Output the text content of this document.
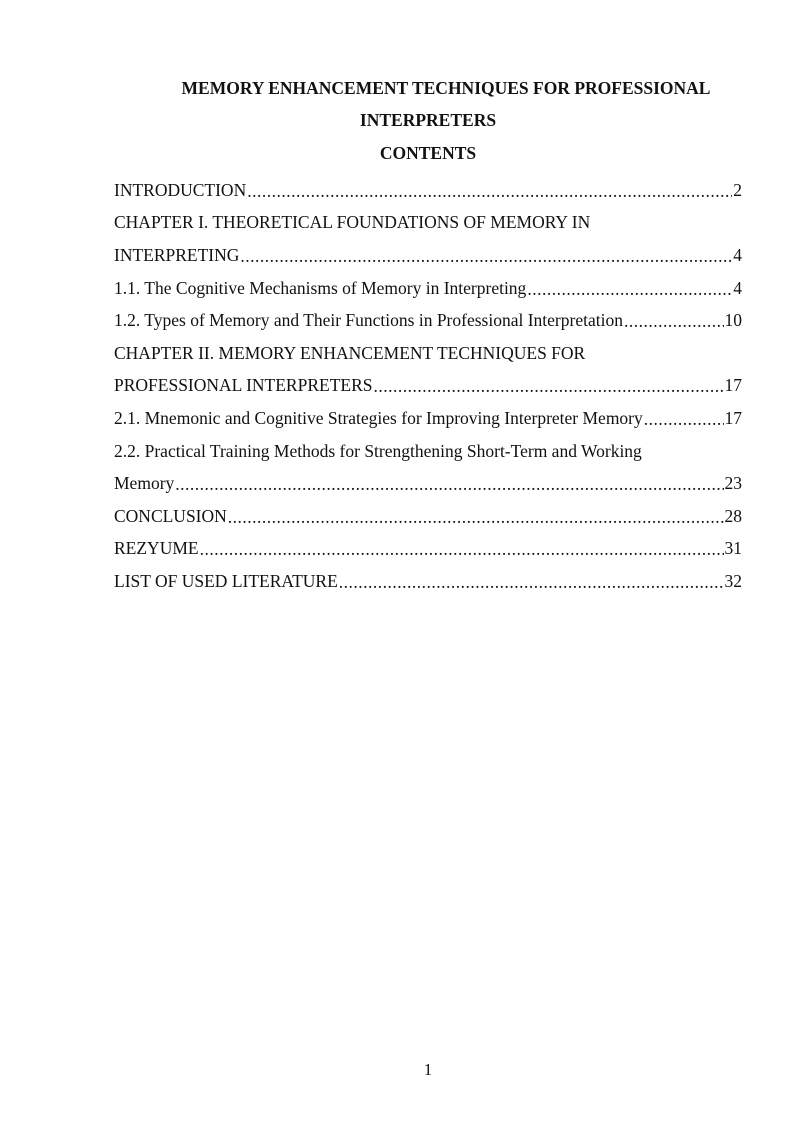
MEMORY ENHANCEMENT TECHNIQUES FOR PROFESSIONAL
INTERPRETERS
CONTENTS
INTRODUCTION .....	2
CHAPTER I. THEORETICAL FOUNDATIONS OF MEMORY IN
INTERPRETING .....	4
1.1. The Cognitive Mechanisms of Memory in Interpreting .....	4
1.2. Types of Memory and Their Functions in Professional Interpretation .....	10
CHAPTER II. MEMORY ENHANCEMENT TECHNIQUES FOR
PROFESSIONAL INTERPRETERS .....	17
2.1. Mnemonic and Cognitive Strategies for Improving Interpreter Memory .....	17
2.2. Practical Training Methods for Strengthening Short-Term and Working
Memory .....	23
CONCLUSION .....	28
REZYUME .....	31
LIST OF USED LITERATURE .....	32
1
